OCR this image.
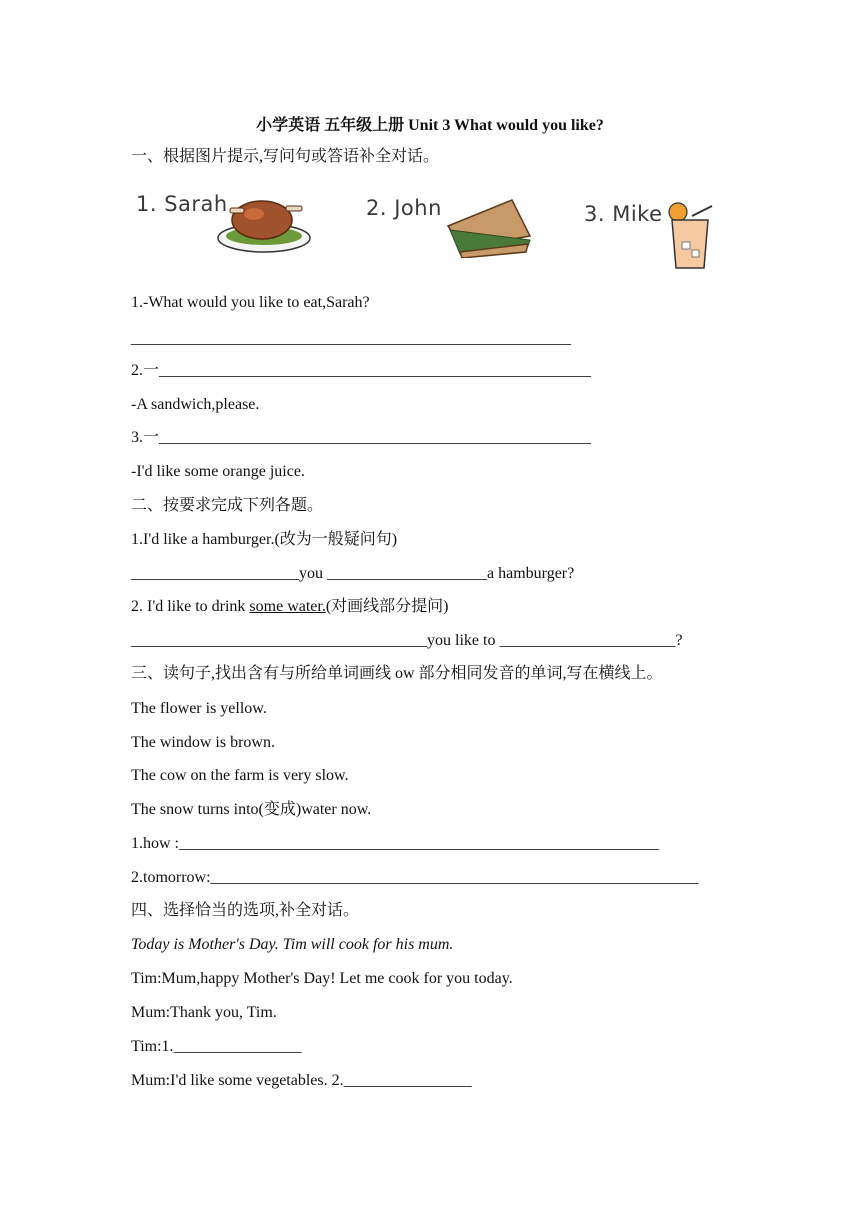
小学英语 五年级上册 Unit 3 What would you like?
一、根据图片提示,写问句或答语补全对话。
1. Sarah	2. John	3. Mike
1.-What would you like to eat,Sarah?
_______________________________________________________
2.一______________________________________________________
-A sandwich,please.
3.一______________________________________________________
-I'd like some orange juice.
二、按要求完成下列各题。
1.I'd like a hamburger.(改为一般疑问句)
_____________________you ____________________a hamburger?
2. I'd like to drink some water.(对画线部分提问)
_____________________________________you like to ______________________?
三、读句子,找出含有与所给单词画线 ow 部分相同发音的单词,写在横线上。
The flower is yellow.
The window is brown.
The cow on the farm is very slow.
The snow turns into(变成)water now.
1.how :____________________________________________________________
2.tomorrow:_____________________________________________________________
四、选择恰当的选项,补全对话。
Today is Mother's Day. Tim will cook for his mum.
Tim:Mum,happy Mother's Day! Let me cook for you today.
Mum:Thank you, Tim.
Tim:1.________________
Mum:I'd like some vegetables. 2.________________
